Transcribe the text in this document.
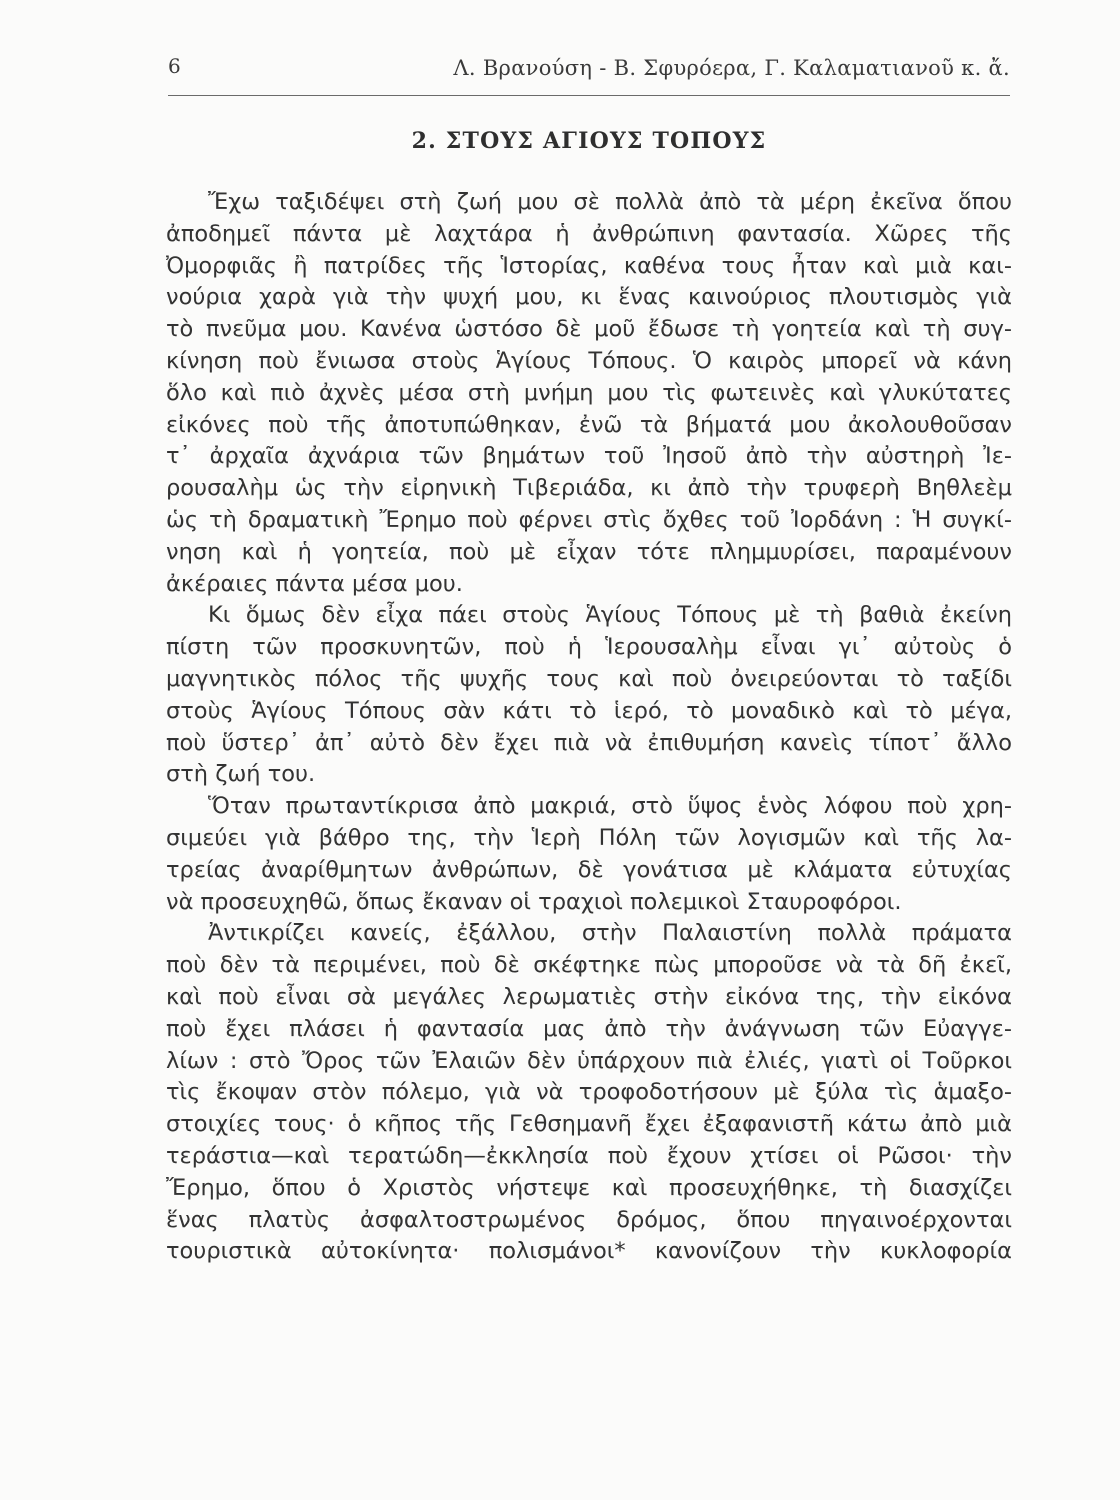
6	Λ. Βρανούση - Β. Σφυρόερα, Γ. Καλαματιανοῦ κ. ἄ.
2. ΣΤΟΥΣ ΑΓΙΟΥΣ ΤΟΠΟΥΣ
Ἔχω ταξιδέψει στὴ ζωή μου σὲ πολλὰ ἀπὸ τὰ μέρη ἐκεῖνα ὅπου
ἀποδημεῖ πάντα μὲ λαχτάρα ἡ ἀνθρώπινη φαντασία. Χῶρες τῆς
Ὀμορφιᾶς ἢ πατρίδες τῆς Ἱστορίας, καθένα τους ἦταν καὶ μιὰ και-
νούρια χαρὰ γιὰ τὴν ψυχή μου, κι ἕνας καινούριος πλουτισμὸς γιὰ
τὸ πνεῦμα μου. Κανένα ὡστόσο δὲ μοῦ ἔδωσε τὴ γοητεία καὶ τὴ συγ-
κίνηση ποὺ ἔνιωσα στοὺς Ἁγίους Τόπους. Ὁ καιρὸς μπορεῖ νὰ κάνη
ὅλο καὶ πιὸ ἀχνὲς μέσα στὴ μνήμη μου τὶς φωτεινὲς καὶ γλυκύτατες
εἰκόνες ποὺ τῆς ἀποτυπώθηκαν, ἐνῶ τὰ βήματά μου ἀκολουθοῦσαν
τ᾽ ἀρχαῖα ἀχνάρια τῶν βημάτων τοῦ Ἰησοῦ ἀπὸ τὴν αὐστηρὴ Ἰε-
ρουσαλὴμ ὡς τὴν εἰρηνικὴ Τιβεριάδα, κι ἀπὸ τὴν τρυφερὴ Βηθλεὲμ
ὡς τὴ δραματικὴ Ἔρημο ποὺ φέρνει στὶς ὄχθες τοῦ Ἰορδάνη : Ἡ συγκί-
νηση καὶ ἡ γοητεία, ποὺ μὲ εἶχαν τότε πλημμυρίσει, παραμένουν
ἀκέραιες πάντα μέσα μου.
Κι ὅμως δὲν εἶχα πάει στοὺς Ἁγίους Τόπους μὲ τὴ βαθιὰ ἐκείνη
πίστη τῶν προσκυνητῶν, ποὺ ἡ Ἱερουσαλὴμ εἶναι γι᾽ αὐτοὺς ὁ
μαγνητικὸς πόλος τῆς ψυχῆς τους καὶ ποὺ ὀνειρεύονται τὸ ταξίδι
στοὺς Ἁγίους Τόπους σὰν κάτι τὸ ἱερό, τὸ μοναδικὸ καὶ τὸ μέγα,
ποὺ ὕστερ᾽ ἀπ᾽ αὐτὸ δὲν ἔχει πιὰ νὰ ἐπιθυμήση κανεὶς τίποτ᾽ ἄλλο
στὴ ζωή του.
Ὅταν πρωταντίκρισα ἀπὸ μακριά, στὸ ὕψος ἑνὸς λόφου ποὺ χρη-
σιμεύει γιὰ βάθρο της, τὴν Ἱερὴ Πόλη τῶν λογισμῶν καὶ τῆς λα-
τρείας ἀναρίθμητων ἀνθρώπων, δὲ γονάτισα μὲ κλάματα εὐτυχίας
νὰ προσευχηθῶ, ὅπως ἔκαναν οἱ τραχιοὶ πολεμικοὶ Σταυροφόροι.
Ἀντικρίζει κανείς, ἐξάλλου, στὴν Παλαιστίνη πολλὰ πράματα
ποὺ δὲν τὰ περιμένει, ποὺ δὲ σκέφτηκε πὼς μποροῦσε νὰ τὰ δῆ ἐκεῖ,
καὶ ποὺ εἶναι σὰ μεγάλες λερωματιὲς στὴν εἰκόνα της, τὴν εἰκόνα
ποὺ ἔχει πλάσει ἡ φαντασία μας ἀπὸ τὴν ἀνάγνωση τῶν Εὐαγγε-
λίων : στὸ Ὄρος τῶν Ἐλαιῶν δὲν ὑπάρχουν πιὰ ἐλιές, γιατὶ οἱ Τοῦρκοι
τὶς ἔκοψαν στὸν πόλεμο, γιὰ νὰ τροφοδοτήσουν μὲ ξύλα τὶς ἁμαξο-
στοιχίες τους· ὁ κῆπος τῆς Γεθσημανῆ ἔχει ἐξαφανιστῆ κάτω ἀπὸ μιὰ
τεράστια—καὶ τερατώδη—ἐκκλησία ποὺ ἔχουν χτίσει οἱ Ρῶσοι· τὴν
Ἔρημο, ὅπου ὁ Χριστὸς νήστεψε καὶ προσευχήθηκε, τὴ διασχίζει
ἕνας πλατὺς ἀσφαλτοστρωμένος δρόμος, ὅπου πηγαινοέρχονται
τουριστικὰ αὐτοκίνητα· πολισμάνοι* κανονίζουν τὴν κυκλοφορία
